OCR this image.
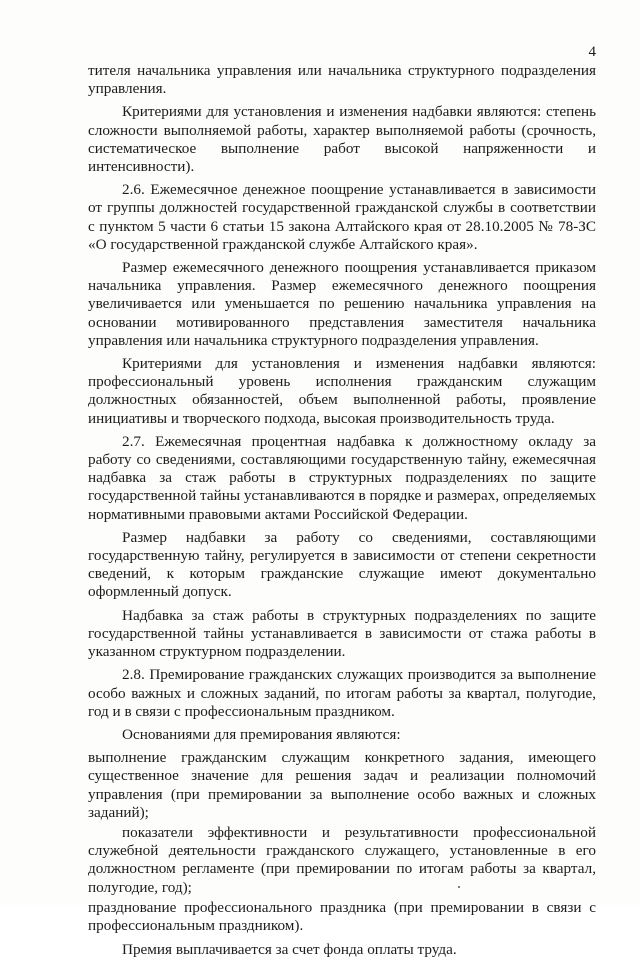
4

тителя начальника управления или начальника структурного подразделения управления.

Критериями для установления и изменения надбавки являются: степень сложности выполняемой работы, характер выполняемой работы (срочность, систематическое выполнение работ высокой напряженности и интенсивности).

2.6. Ежемесячное денежное поощрение устанавливается в зависимости от группы должностей государственной гражданской службы в соответствии с пунктом 5 части 6 статьи 15 закона Алтайского края от 28.10.2005 № 78-ЗС «О государственной гражданской службе Алтайского края».

Размер ежемесячного денежного поощрения устанавливается приказом начальника управления. Размер ежемесячного денежного поощрения увеличивается или уменьшается по решению начальника управления на основании мотивированного представления заместителя начальника управления или начальника структурного подразделения управления.

Критериями для установления и изменения надбавки являются: профессиональный уровень исполнения гражданским служащим должностных обязанностей, объем выполненной работы, проявление инициативы и творческого подхода, высокая производительность труда.

2.7. Ежемесячная процентная надбавка к должностному окладу за работу со сведениями, составляющими государственную тайну, ежемесячная надбавка за стаж работы в структурных подразделениях по защите государственной тайны устанавливаются в порядке и размерах, определяемых нормативными правовыми актами Российской Федерации.

Размер надбавки за работу со сведениями, составляющими государственную тайну, регулируется в зависимости от степени секретности сведений, к которым гражданские служащие имеют документально оформленный допуск.

Надбавка за стаж работы в структурных подразделениях по защите государственной тайны устанавливается в зависимости от стажа работы в указанном структурном подразделении.

2.8. Премирование гражданских служащих производится за выполнение особо важных и сложных заданий, по итогам работы за квартал, полугодие, год и в связи с профессиональным праздником.

Основаниями для премирования являются:

выполнение гражданским служащим конкретного задания, имеющего существенное значение для решения задач и реализации полномочий управления (при премировании за выполнение особо важных и сложных заданий);

показатели эффективности и результативности профессиональной служебной деятельности гражданского служащего, установленные в его должностном регламенте (при премировании по итогам работы за квартал, полугодие, год);

празднование профессионального праздника (при премировании в связи с профессиональным праздником).

Премия выплачивается за счет фонда оплаты труда.
